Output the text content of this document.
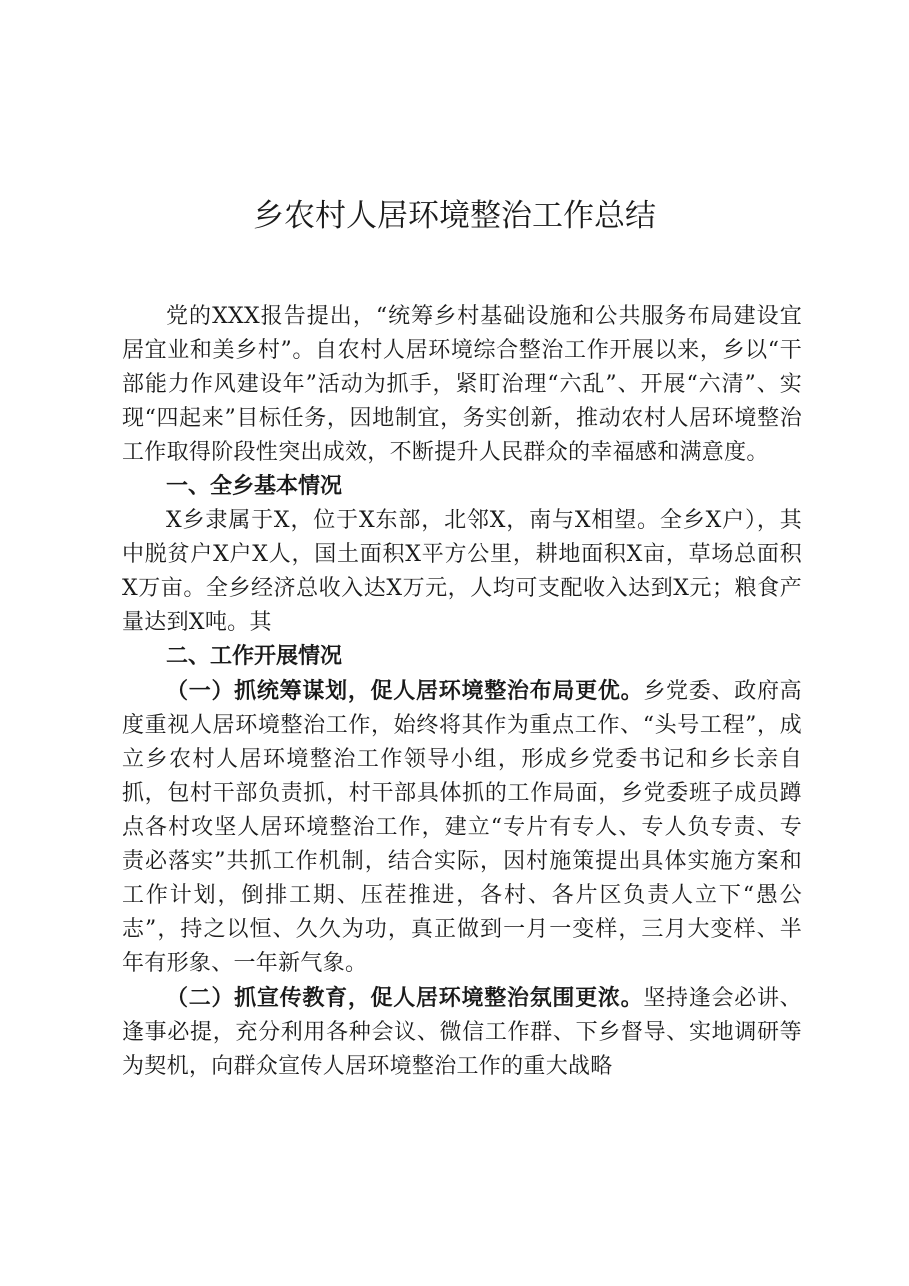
乡农村人居环境整治工作总结

党的XXX报告提出，“统筹乡村基础设施和公共服务布局建设宜居宜业和美乡村”。自农村人居环境综合整治工作开展以来，乡以“干部能力作风建设年”活动为抓手，紧盯治理“六乱”、开展“六清”、实现“四起来”目标任务，因地制宜，务实创新，推动农村人居环境整治工作取得阶段性突出成效，不断提升人民群众的幸福感和满意度。

一、全乡基本情况

X乡隶属于X，位于X东部，北邻X，南与X相望。全乡X户），其中脱贫户X户X人，国土面积X平方公里，耕地面积X亩，草场总面积X万亩。全乡经济总收入达X万元，人均可支配收入达到X元；粮食产量达到X吨。其

二、工作开展情况

（一）抓统筹谋划，促人居环境整治布局更优。乡党委、政府高度重视人居环境整治工作，始终将其作为重点工作、“头号工程”，成立乡农村人居环境整治工作领导小组，形成乡党委书记和乡长亲自抓，包村干部负责抓，村干部具体抓的工作局面，乡党委班子成员蹲点各村攻坚人居环境整治工作，建立“专片有专人、专人负专责、专责必落实”共抓工作机制，结合实际，因村施策提出具体实施方案和工作计划，倒排工期、压茬推进，各村、各片区负责人立下“愚公志”，持之以恒、久久为功，真正做到一月一变样，三月大变样、半年有形象、一年新气象。

（二）抓宣传教育，促人居环境整治氛围更浓。坚持逢会必讲、逢事必提，充分利用各种会议、微信工作群、下乡督导、实地调研等为契机，向群众宣传人居环境整治工作的重大战略
